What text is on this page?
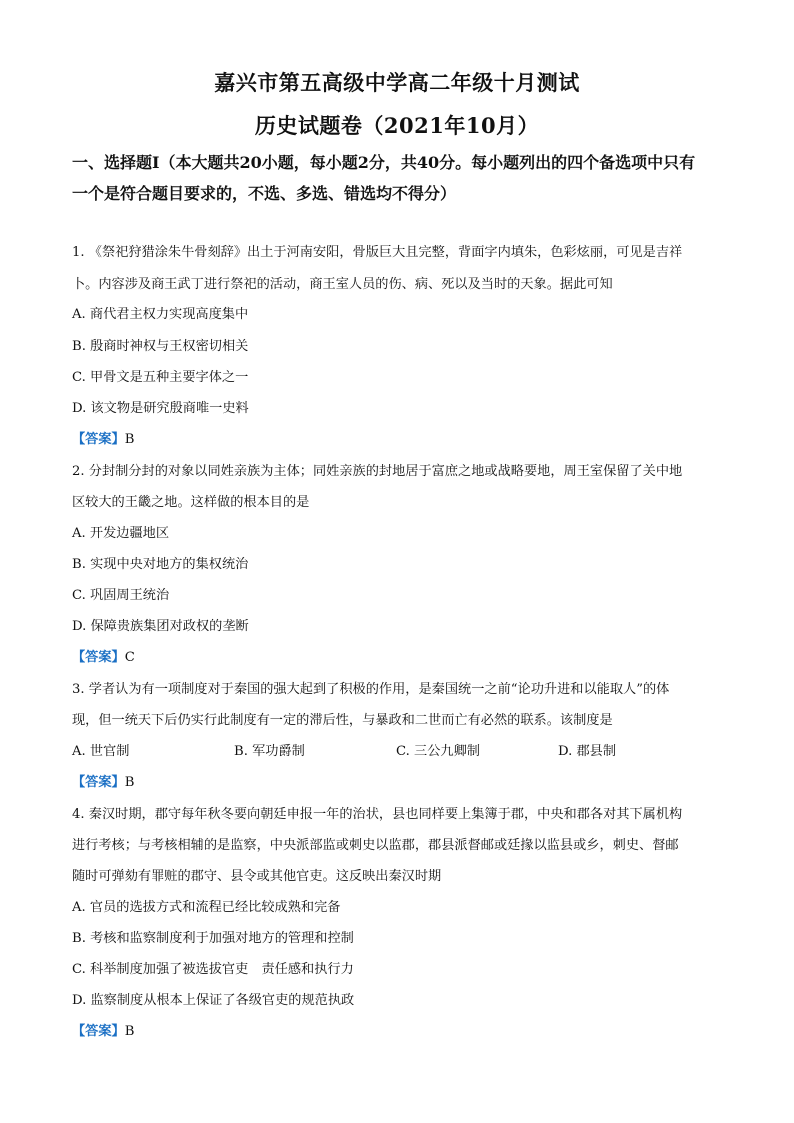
嘉兴市第五高级中学高二年级十月测试
历史试题卷（2021年10月）
一、选择题Ⅰ（本大题共20小题，每小题2分，共40分。每小题列出的四个备选项中只有
一个是符合题目要求的，不选、多选、错选均不得分）
1. 《祭祀狩猎涂朱牛骨刻辞》出土于河南安阳，骨版巨大且完整，背面字内填朱，色彩炫丽，可见是吉祥
卜。内容涉及商王武丁进行祭祀的活动，商王室人员的伤、病、死以及当时的天象。据此可知
A. 商代君主权力实现高度集中
B. 殷商时神权与王权密切相关
C. 甲骨文是五种主要字体之一
D. 该文物是研究殷商唯一史料
【答案】B
2. 分封制分封的对象以同姓亲族为主体；同姓亲族的封地居于富庶之地或战略要地，周王室保留了关中地
区较大的王畿之地。这样做的根本目的是
A. 开发边疆地区
B. 实现中央对地方的集权统治
C. 巩固周王统治
D. 保障贵族集团对政权的垄断
【答案】C
3. 学者认为有一项制度对于秦国的强大起到了积极的作用，是秦国统一之前“论功升进和以能取人”的体
现，但一统天下后仍实行此制度有一定的滞后性，与暴政和二世而亡有必然的联系。该制度是
A. 世官制	B. 军功爵制	C. 三公九卿制	D. 郡县制
【答案】B
4. 秦汉时期，郡守每年秋冬要向朝廷申报一年的治状，县也同样要上集簿于郡，中央和郡各对其下属机构
进行考核；与考核相辅的是监察，中央派部监或刺史以监郡，郡县派督邮或廷掾以监县或乡，刺史、督邮
随时可弹劾有罪赃的郡守、县令或其他官吏。这反映出秦汉时期
A. 官员的选拔方式和流程已经比较成熟和完备
B. 考核和监察制度利于加强对地方的管理和控制
C. 科举制度加强了被选拔官吏　责任感和执行力
D. 监察制度从根本上保证了各级官吏的规范执政
【答案】B
